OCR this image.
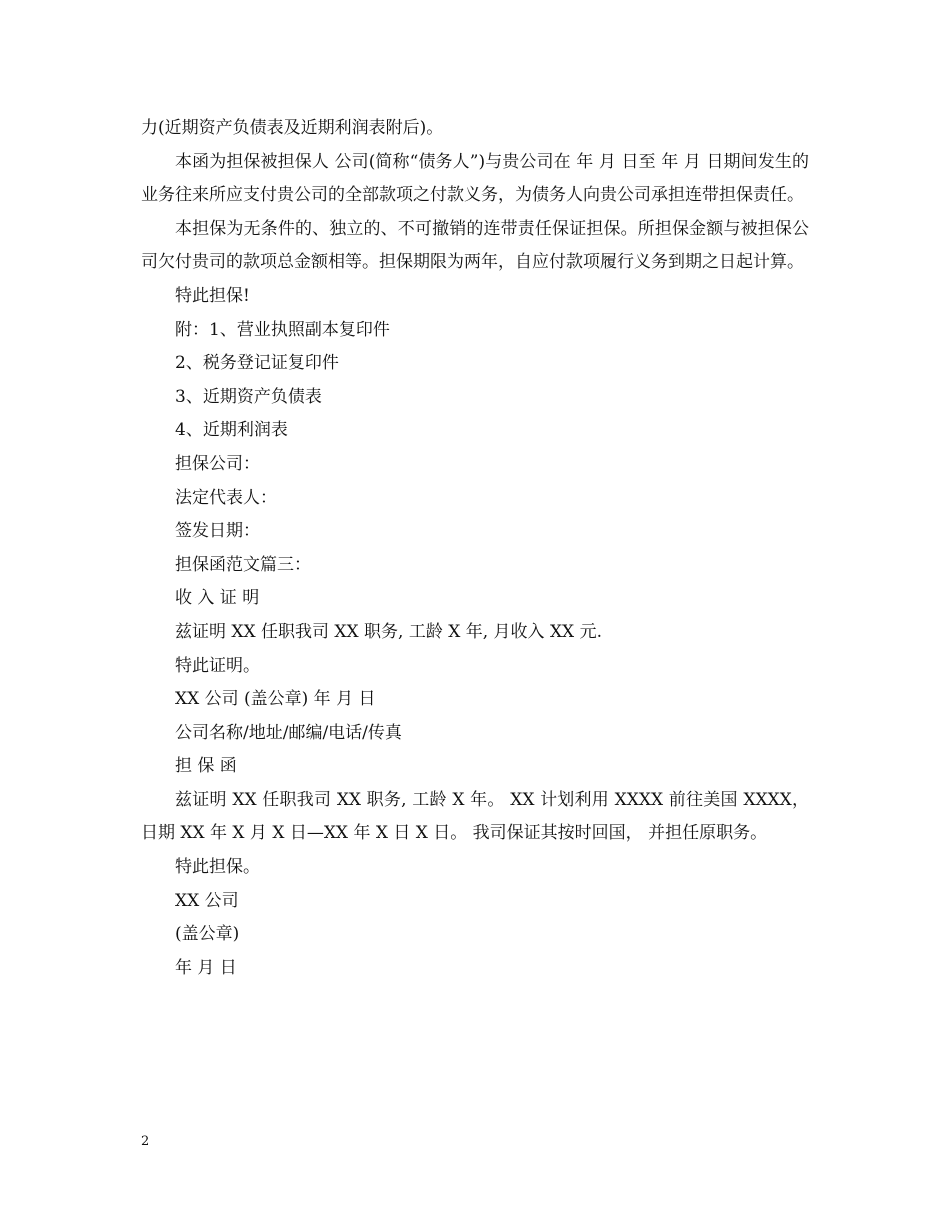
力(近期资产负债表及近期利润表附后)。

本函为担保被担保人 公司(简称“债务人”)与贵公司在 年 月 日至 年 月 日期间发生的业务往来所应支付贵公司的全部款项之付款义务，为债务人向贵公司承担连带担保责任。

本担保为无条件的、独立的、不可撤销的连带责任保证担保。所担保金额与被担保公司欠付贵司的款项总金额相等。担保期限为两年，自应付款项履行义务到期之日起计算。

特此担保!

附：1、营业执照副本复印件

2、税务登记证复印件

3、近期资产负债表

4、近期利润表

担保公司：

法定代表人：

签发日期：

担保函范文篇三：

收 入 证 明

兹证明 XX 任职我司 XX 职务, 工龄 X 年, 月收入 XX 元.

特此证明。

XX 公司 (盖公章) 年 月 日

公司名称/地址/邮编/电话/传真

担 保 函

兹证明 XX 任职我司 XX 职务, 工龄 X 年。 XX 计划利用 XXXX 前往美国 XXXX， 日期 XX 年 X 月 X 日—XX 年 X 日 X 日。 我司保证其按时回国， 并担任原职务。

特此担保。

XX 公司

(盖公章)

年 月 日

2
